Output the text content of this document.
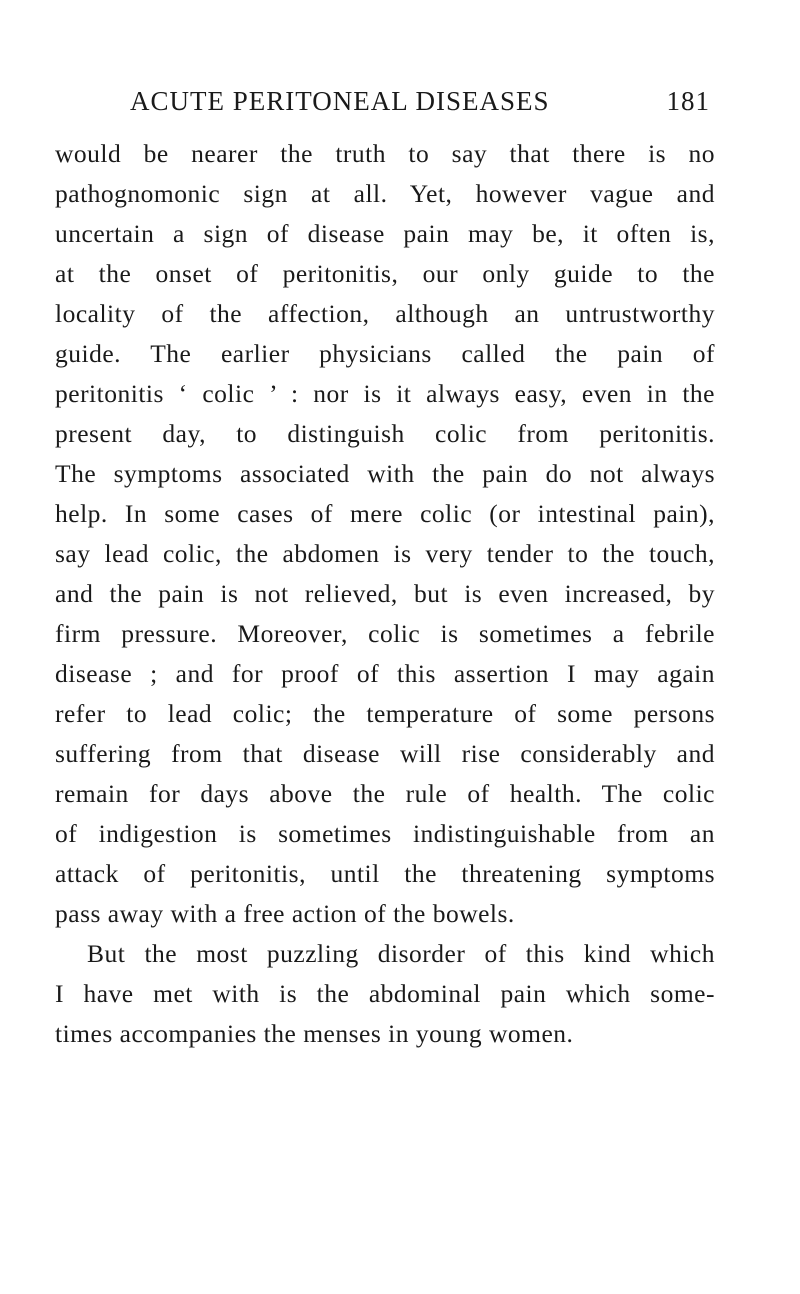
ACUTE PERITONEAL DISEASES	181
would be nearer the truth to say that there is no
pathognomonic sign at all. Yet, however vague and
uncertain a sign of disease pain may be, it often is,
at the onset of peritonitis, our only guide to the
locality of the affection, although an untrustworthy
guide. The earlier physicians called the pain of
peritonitis ‘ colic ’ : nor is it always easy, even in the
present day, to distinguish colic from peritonitis.
The symptoms associated with the pain do not always
help. In some cases of mere colic (or intestinal pain),
say lead colic, the abdomen is very tender to the touch,
and the pain is not relieved, but is even increased, by
firm pressure. Moreover, colic is sometimes a febrile
disease ; and for proof of this assertion I may again
refer to lead colic; the temperature of some persons
suffering from that disease will rise considerably and
remain for days above the rule of health. The colic
of indigestion is sometimes indistinguishable from an
attack of peritonitis, until the threatening symptoms
pass away with a free action of the bowels.
But the most puzzling disorder of this kind which
I have met with is the abdominal pain which some-
times accompanies the menses in young women.
